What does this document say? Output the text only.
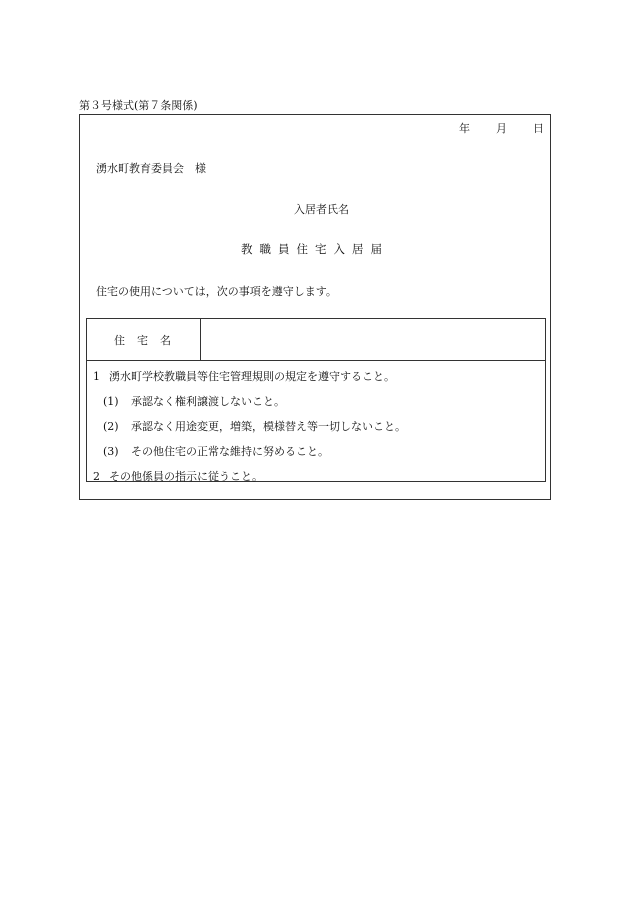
第３号様式(第７条関係)
年 月 日
湧水町教育委員会　様
入居者氏名
教職員住宅入居届
住宅の使用については，次の事項を遵守します。
住宅名
1 湧水町学校教職員等住宅管理規則の規定を遵守すること。
(1) 承認なく権利譲渡しないこと。
(2) 承認なく用途変更，増築，模様替え等一切しないこと。
(3) その他住宅の正常な維持に努めること。
2 その他係員の指示に従うこと。
